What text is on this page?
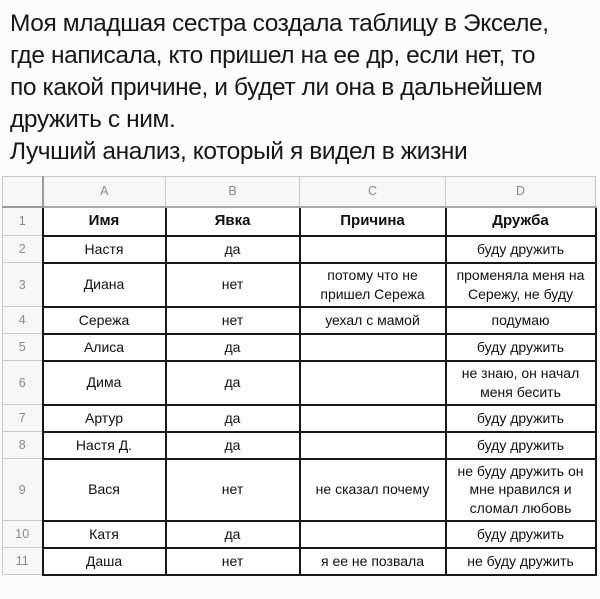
Моя младшая сестра создала таблицу в Экселе,
где написала, кто пришел на ее др, если нет, то
по какой причине, и будет ли она в дальнейшем
дружить с ним.
Лучший анализ, который я видел в жизни
	A	B	C	D
1	Имя	Явка	Причина	Дружба
2	Настя	да		буду дружить
3	Диана	нет	потому что не пришел Сережа	променяла меня на Сережу, не буду
4	Сережа	нет	уехал с мамой	подумаю
5	Алиса	да		буду дружить
6	Дима	да		не знаю, он начал меня бесить
7	Артур	да		буду дружить
8	Настя Д.	да		буду дружить
9	Вася	нет	не сказал почему	не буду дружить он мне нравился и сломал любовь
10	Катя	да		буду дружить
11	Даша	нет	я ее не позвала	не буду дружить
